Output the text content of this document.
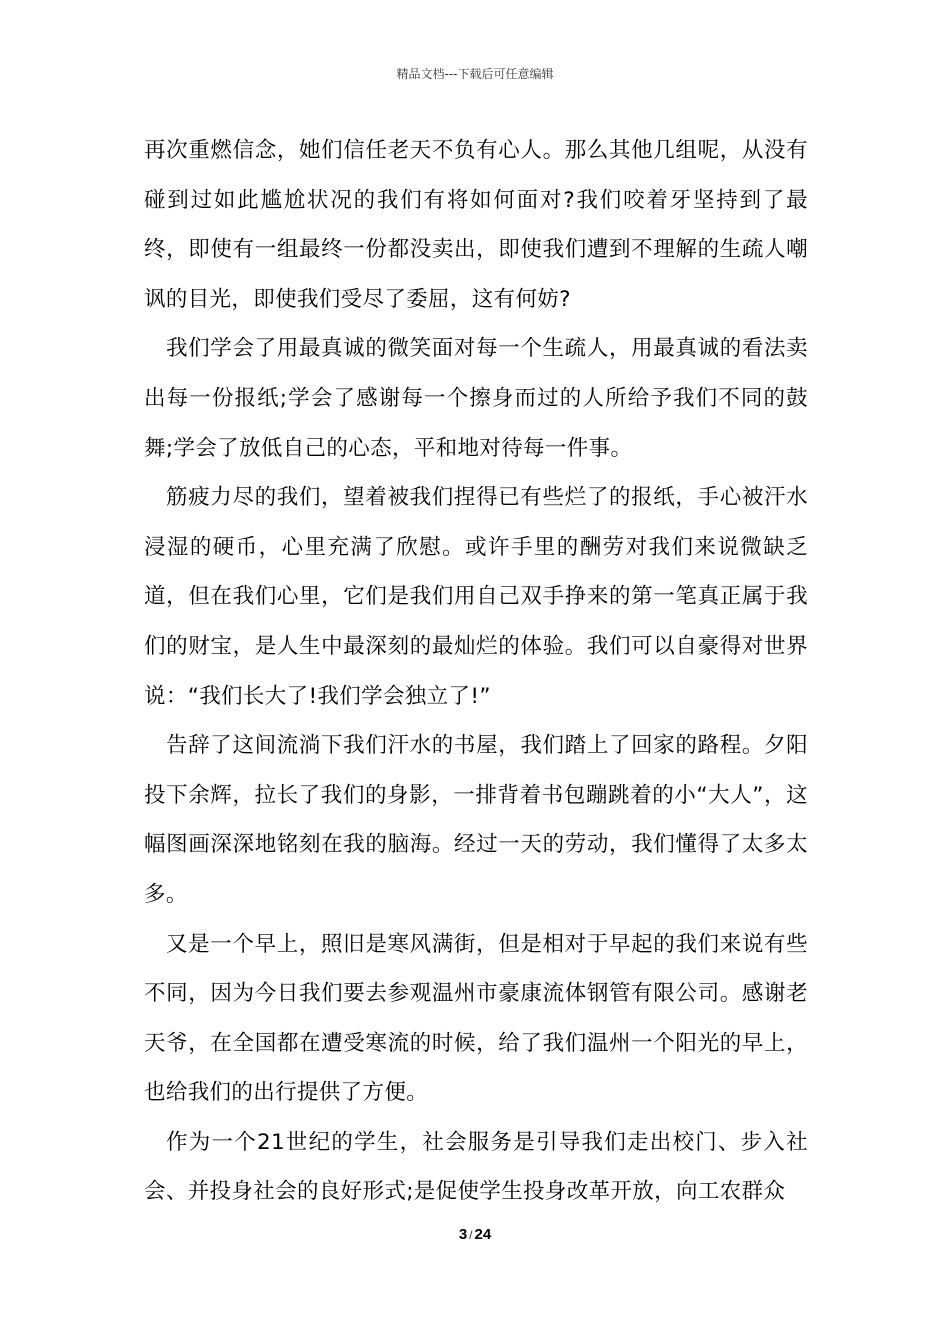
精品文档---下载后可任意编辑

再次重燃信念，她们信任老天不负有心人。那么其他几组呢，从没有碰到过如此尴尬状况的我们有将如何面对?我们咬着牙坚持到了最终，即使有一组最终一份都没卖出，即使我们遭到不理解的生疏人嘲讽的目光，即使我们受尽了委屈，这有何妨?

我们学会了用最真诚的微笑面对每一个生疏人，用最真诚的看法卖出每一份报纸;学会了感谢每一个擦身而过的人所给予我们不同的鼓舞;学会了放低自己的心态，平和地对待每一件事。

筋疲力尽的我们，望着被我们捏得已有些烂了的报纸，手心被汗水浸湿的硬币，心里充满了欣慰。或许手里的酬劳对我们来说微缺乏道，但在我们心里，它们是我们用自己双手挣来的第一笔真正属于我们的财宝，是人生中最深刻的最灿烂的体验。我们可以自豪得对世界说：“我们长大了!我们学会独立了!”

告辞了这间流淌下我们汗水的书屋，我们踏上了回家的路程。夕阳投下余辉，拉长了我们的身影，一排背着书包蹦跳着的小“大人”，这幅图画深深地铭刻在我的脑海。经过一天的劳动，我们懂得了太多太多。

又是一个早上，照旧是寒风满街，但是相对于早起的我们来说有些不同，因为今日我们要去参观温州市豪康流体钢管有限公司。感谢老天爷，在全国都在遭受寒流的时候，给了我们温州一个阳光的早上，也给我们的出行提供了方便。

作为一个21世纪的学生，社会服务是引导我们走出校门、步入社会、并投身社会的良好形式;是促使学生投身改革开放，向工农群众

3 / 24
